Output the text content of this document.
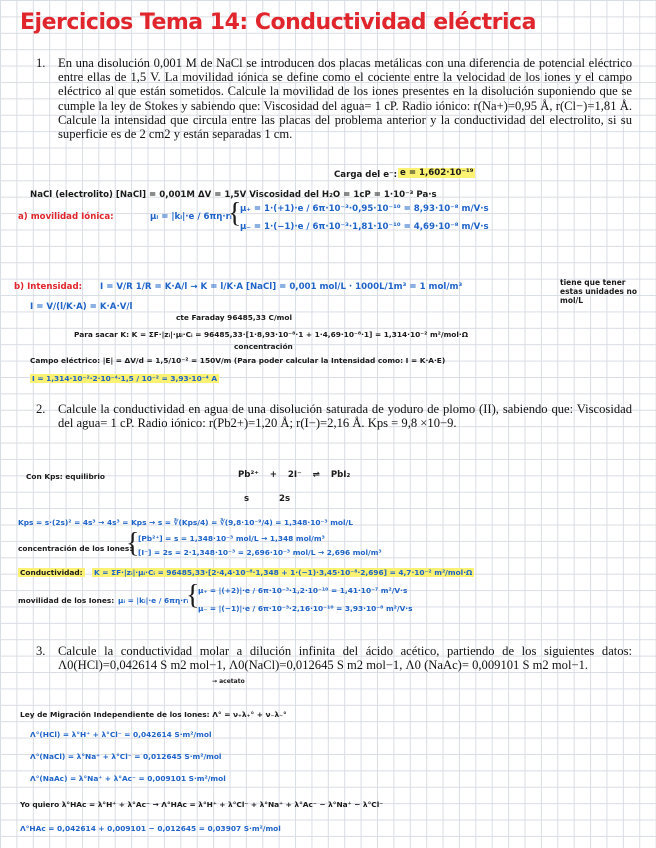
Ejercicios Tema 14: Conductividad eléctrica
1. En una disolución 0,001 M de NaCl se introducen dos placas metálicas con una diferencia de potencial eléctrico entre ellas de 1,5 V. La movilidad iónica se define como el cociente entre la velocidad de los iones y el campo eléctrico al que están sometidos. Calcule la movilidad de los iones presentes en la disolución suponiendo que se cumple la ley de Stokes y sabiendo que: Viscosidad del agua= 1 cP. Radio iónico: r(Na+)=0,95 Å, r(Cl−)=1,81 Å. Calcule la intensidad que circula entre las placas del problema anterior y la conductividad del electrolito, si su superficie es de 2 cm2 y están separadas 1 cm.
Carga del e⁻: e = 1,602·10⁻¹⁹
NaCl (electrolito) [NaCl] = 0,001M ΔV = 1,5V Viscosidad del H₂O = 1cP = 1·10⁻³ Pa·s
a) movilidad Iónica:	μᵢ = |kᵢ|·e / 6πη·rᵢ
{
μ₊ = 1·(+1)·e / 6π·10⁻³·0,95·10⁻¹⁰ = 8,93·10⁻⁸ m/V·s
μ₋ = 1·(−1)·e / 6π·10⁻³·1,81·10⁻¹⁰ = 4,69·10⁻⁸ m/V·s
b) Intensidad: I = V/R 1/R = K·A/l → K = l/K·A [NaCl] = 0,001 mol/L · 1000L/1m³ = 1 mol/m³	tiene que tener estas unidades no mol/L
I = V/(l/K·A) = K·A·V/l
cte Faraday 96485,33 C/mol
Para sacar K: K = ΣF·|zᵢ|·μᵢ·Cᵢ = 96485,33·[1·8,93·10⁻⁸·1 + 1·4,69·10⁻⁸·1] = 1,314·10⁻² m²/mol·Ω
concentración
Campo eléctrico: |E| = ΔV/d = 1,5/10⁻² = 150V/m (Para poder calcular la Intensidad como: I = K·A·E)
I = 1,314·10⁻²·2·10⁻⁴·1,5 / 10⁻² = 3,93·10⁻⁴ A
2. Calcule la conductividad en agua de una disolución saturada de yoduro de plomo (II), sabiendo que: Viscosidad del agua= 1 cP. Radio iónico: r(Pb2+)=1,20 Å; r(I−)=2,16 Å. Kps = 9,8 ×10−9.
Con Kps: equilibrio	Pb²⁺ + 2I⁻ ⇌ PbI₂
s          2s
Kps = s·(2s)² = 4s³ → 4s³ = Kps → s = ∛(Kps/4) = ∛(9,8·10⁻⁹/4) = 1,348·10⁻³ mol/L
concentración de los Iones:
{
[Pb²⁺] = s = 1,348·10⁻³ mol/L → 1,348 mol/m³
[I⁻] = 2s = 2·1,348·10⁻³ = 2,696·10⁻³ mol/L → 2,696 mol/m³
Conductividad: K = ΣF·|zᵢ|·μᵢ·Cᵢ = 96485,33·[2·4,4·10⁻⁸·1,348 + 1·(−1)·3,45·10⁻⁸·2,696] = 4,7·10⁻² m²/mol·Ω
movilidad de los Iones: μᵢ = |kᵢ|·e / 6πη·rᵢ
{
μ₊ = |(+2)|·e / 6π·10⁻³·1,2·10⁻¹⁰ = 1,41·10⁻⁷ m²/V·s
μ₋ = |(−1)|·e / 6π·10⁻³·2,16·10⁻¹⁰ = 3,93·10⁻⁸ m²/V·s
3. Calcule la conductividad molar a dilución infinita del ácido acético, partiendo de los siguientes datos: Λ0(HCl)=0,042614 S m2 mol−1, Λ0(NaCl)=0,012645 S m2 mol−1, Λ0 (NaAc)= 0,009101 S m2 mol−1.
→ acetato
Ley de Migración Independiente de los Iones: Λ° = ν₊λ₊° + ν₋λ₋°
Λ°(HCl) = λ°H⁺ + λ°Cl⁻ = 0,042614 S·m²/mol
Λ°(NaCl) = λ°Na⁺ + λ°Cl⁻ = 0,012645 S·m²/mol
Λ°(NaAc) = λ°Na⁺ + λ°Ac⁻ = 0,009101 S·m²/mol
Yo quiero λ°HAc = λ°H⁺ + λ°Ac⁻ → Λ°HAc = λ°H⁺ + λ°Cl⁻ + λ°Na⁺ + λ°Ac⁻ − λ°Na⁺ − λ°Cl⁻
Λ°HAc = 0,042614 + 0,009101 − 0,012645 = 0,03907 S·m²/mol
